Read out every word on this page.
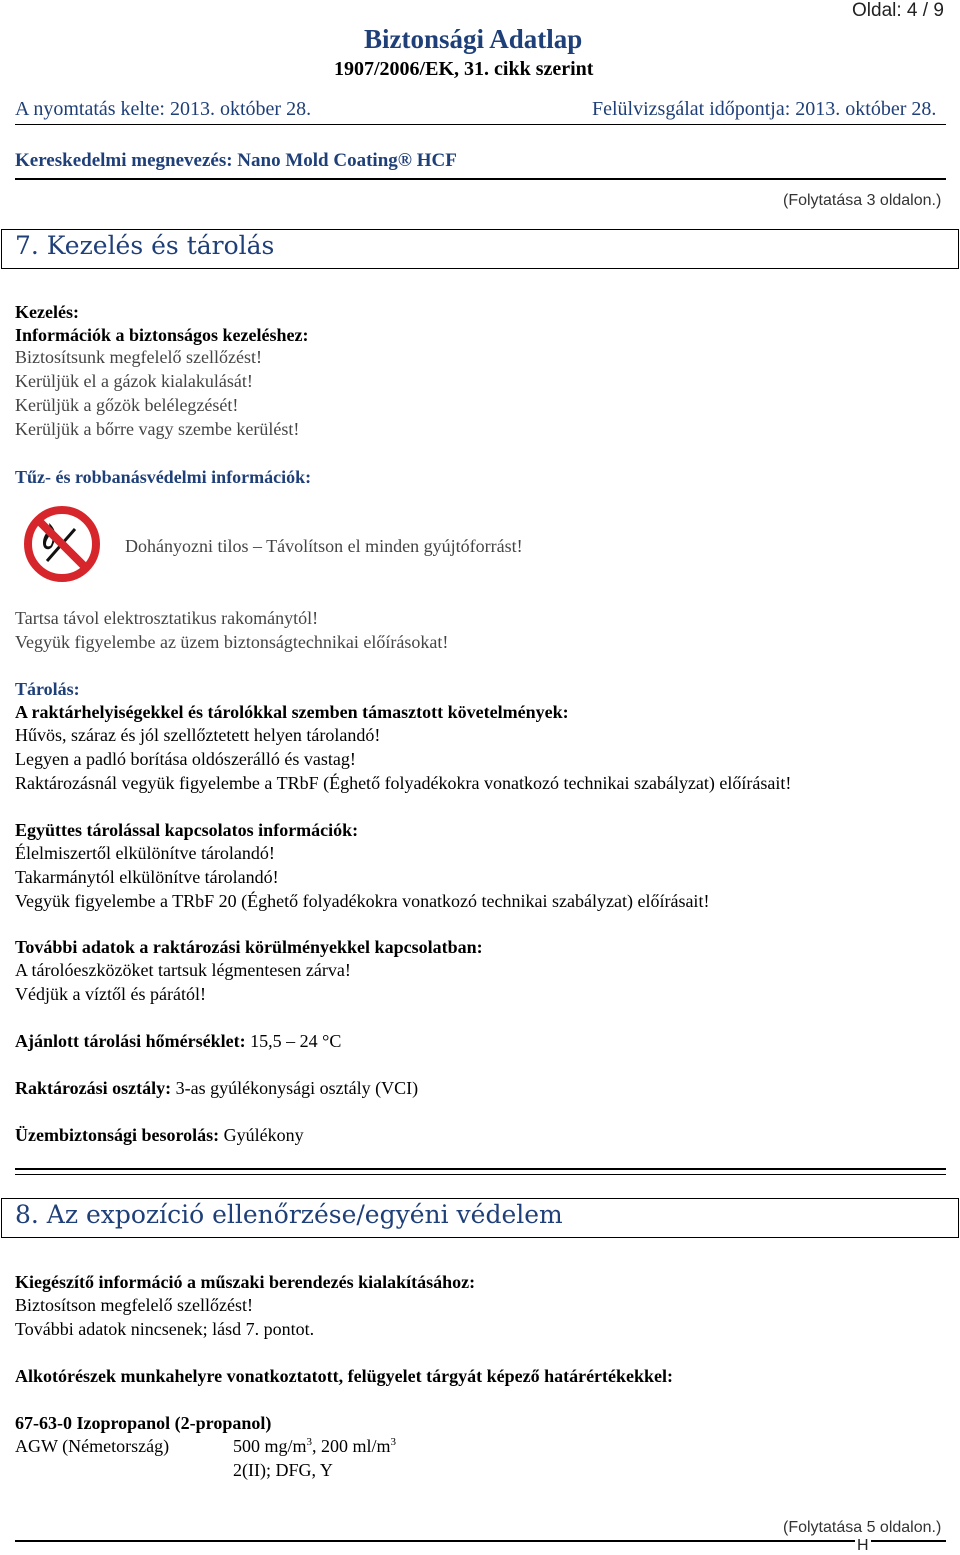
Oldal: 4 / 9
Biztonsági Adatlap
1907/2006/EK, 31. cikk szerint
A nyomtatás kelte: 2013. október 28.	Felülvizsgálat időpontja: 2013. október 28.
Kereskedelmi megnevezés: Nano Mold Coating® HCF
(Folytatása 3 oldalon.)
7. Kezelés és tárolás
Kezelés:
Információk a biztonságos kezeléshez:
Biztosítsunk megfelelő szellőzést!
Kerüljük el a gázok kialakulását!
Kerüljük a gőzök belélegzését!
Kerüljük a bőrre vagy szembe kerülést!
Tűz- és robbanásvédelmi információk:
Dohányozni tilos – Távolítson el minden gyújtóforrást!
Tartsa távol elektrosztatikus rakománytól!
Vegyük figyelembe az üzem biztonságtechnikai előírásokat!
Tárolás:
A raktárhelyiségekkel és tárolókkal szemben támasztott követelmények:
Hűvös, száraz és jól szellőztetett helyen tárolandó!
Legyen a padló borítása oldószerálló és vastag!
Raktározásnál vegyük figyelembe a TRbF (Éghető folyadékokra vonatkozó technikai szabályzat) előírásait!
Együttes tárolással kapcsolatos információk:
Élelmiszertől elkülönítve tárolandó!
Takarmánytól elkülönítve tárolandó!
Vegyük figyelembe a TRbF 20 (Éghető folyadékokra vonatkozó technikai szabályzat) előírásait!
További adatok a raktározási körülményekkel kapcsolatban:
A tárolóeszközöket tartsuk légmentesen zárva!
Védjük a víztől és párától!
Ajánlott tárolási hőmérséklet: 15,5 – 24 °C
Raktározási osztály: 3-as gyúlékonysági osztály (VCI)
Üzembiztonsági besorolás: Gyúlékony
8. Az expozíció ellenőrzése/egyéni védelem
Kiegészítő információ a műszaki berendezés kialakításához:
Biztosítson megfelelő szellőzést!
További adatok nincsenek; lásd 7. pontot.
Alkotórészek munkahelyre vonatkoztatott, felügyelet tárgyát képező határértékekkel:
67-63-0 Izopropanol (2-propanol)
AGW (Németország)	500 $mg/m^3$, 200 $ml/m^3$
2(II); DFG, Y
(Folytatása 5 oldalon.)
H
